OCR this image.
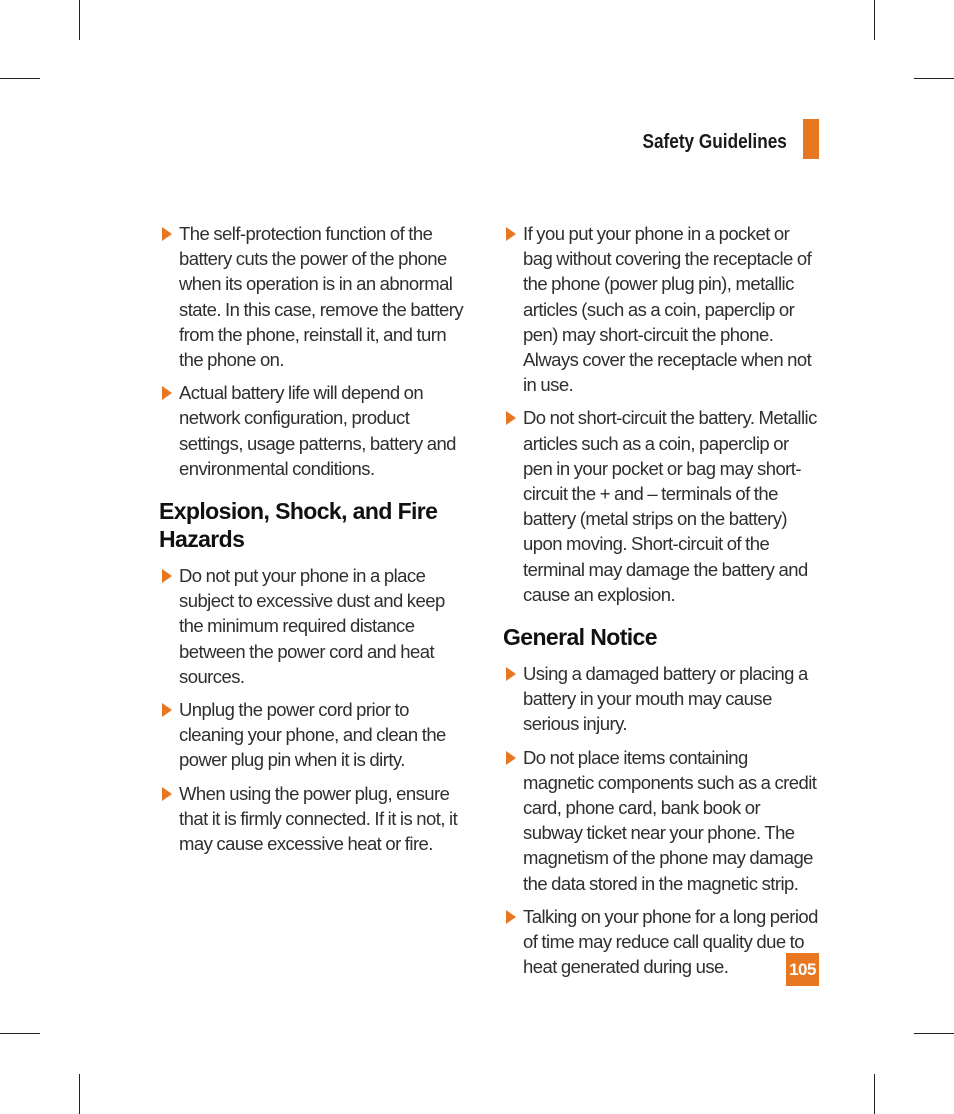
Safety Guidelines
The self-protection function of the battery cuts the power of the phone when its operation is in an abnormal state. In this case, remove the battery from the phone, reinstall it, and turn the phone on.
Actual battery life will depend on network configuration, product settings, usage patterns, battery and environmental conditions.
Explosion, Shock, and Fire Hazards
Do not put your phone in a place subject to excessive dust and keep the minimum required distance between the power cord and heat sources.
Unplug the power cord prior to cleaning your phone, and clean the power plug pin when it is dirty.
When using the power plug, ensure that it is firmly connected. If it is not, it may cause excessive heat or fire.
If you put your phone in a pocket or bag without covering the receptacle of the phone (power plug pin), metallic articles (such as a coin, paperclip or pen) may short-circuit the phone. Always cover the receptacle when not in use.
Do not short-circuit the battery. Metallic articles such as a coin, paperclip or pen in your pocket or bag may short-circuit the + and – terminals of the battery (metal strips on the battery) upon moving. Short-circuit of the terminal may damage the battery and cause an explosion.
General Notice
Using a damaged battery or placing a battery in your mouth may cause serious injury.
Do not place items containing magnetic components such as a credit card, phone card, bank book or subway ticket near your phone. The magnetism of the phone may damage the data stored in the magnetic strip.
Talking on your phone for a long period of time may reduce call quality due to heat generated during use.	105
